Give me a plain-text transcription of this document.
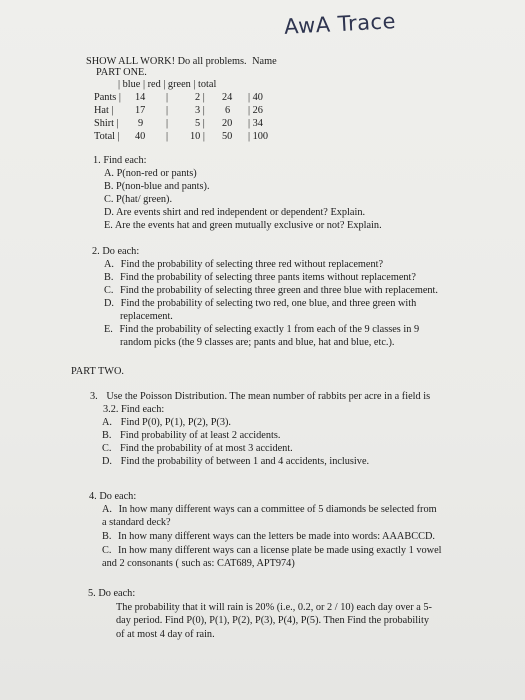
SHOW ALL WORK! Do all problems. Name
AwA Trace
PART ONE.
| blue | red | green | total
Pants | 14 |	2 | 24 | 40
Hat | 17 |	3 | 6 | 26
Shirt | 9 |	5 | 20 | 34
Total | 40 | 10 | 50 | 100
1. Find each:
A. P(non-red or pants)
B. P(non-blue and pants).
C. P(hat/ green).
D. Are events shirt and red independent or dependent? Explain.
E. Are the events hat and green mutually exclusive or not? Explain.
2. Do each:
A. Find the probability of selecting three red without replacement?
B. Find the probability of selecting three pants items without replacement?
C. Find the probability of selecting three green and three blue with replacement.
D. Find the probability of selecting two red, one blue, and three green with
replacement.
E. Find the probability of selecting exactly 1 from each of the 9 classes in 9
random picks (the 9 classes are; pants and blue, hat and blue, etc.).
PART TWO.
3. Use the Poisson Distribution. The mean number of rabbits per acre in a field is
3.2. Find each:
A. Find P(0), P(1), P(2), P(3).
B. Find probability of at least 2 accidents.
C. Find the probability of at most 3 accident.
D. Find the probability of between 1 and 4 accidents, inclusive.
4. Do each:
A. In how many different ways can a committee of 5 diamonds be selected from
a standard deck?
B. In how many different ways can the letters be made into words: AAABCCD.
C. In how many different ways can a license plate be made using exactly 1 vowel
and 2 consonants ( such as: CAT689, APT974)
5. Do each:
The probability that it will rain is 20% (i.e., 0.2, or 2 / 10) each day over a 5-
day period. Find P(0), P(1), P(2), P(3), P(4), P(5). Then Find the probability
of at most 4 day of rain.
